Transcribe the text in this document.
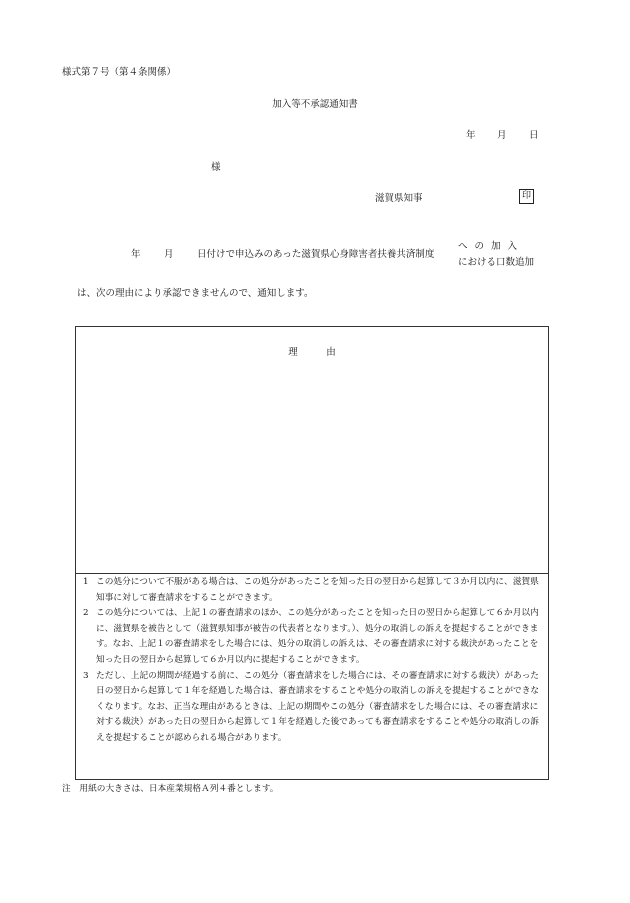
様式第７号（第４条関係）
加入等不承認通知書
年 月 日
様
滋賀県知事	印
年 月 日付けで申込みのあった滋賀県心身障害者扶養共済制度
への加入
における口数追加
は、次の理由により承認できませんので、通知します。
理　　　由
1 この処分について不服がある場合は、この処分があったことを知った日の翌日から起算して３か月以内に、滋賀県知事に対して審査請求をすることができます。
2 この処分については、上記１の審査請求のほか、この処分があったことを知った日の翌日から起算して６か月以内に、滋賀県を被告として（滋賀県知事が被告の代表者となります。）、処分の取消しの訴えを提起することができます。なお、上記１の審査請求をした場合には、処分の取消しの訴えは、その審査請求に対する裁決があったことを知った日の翌日から起算して６か月以内に提起することができます。
3 ただし、上記の期間が経過する前に、この処分（審査請求をした場合には、その審査請求に対する裁決）があった日の翌日から起算して１年を経過した場合は、審査請求をすることや処分の取消しの訴えを提起することができなくなります。なお、正当な理由があるときは、上記の期間やこの処分（審査請求をした場合には、その審査請求に対する裁決）があった日の翌日から起算して１年を経過した後であっても審査請求をすることや処分の取消しの訴えを提起することが認められる場合があります。
注　用紙の大きさは、日本産業規格Ａ列４番とします。
